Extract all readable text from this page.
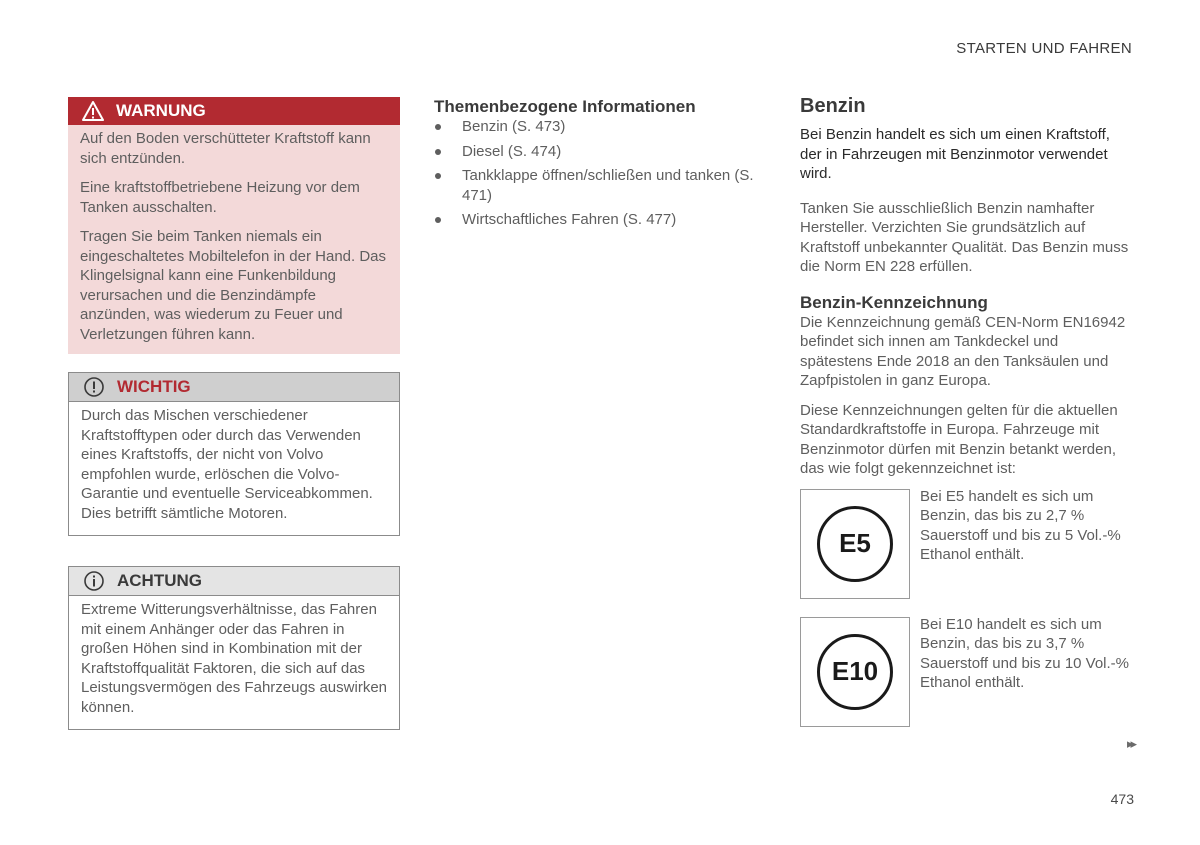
STARTEN UND FAHREN
WARNUNG

Auf den Boden verschütteter Kraftstoff kann sich entzünden.

Eine kraftstoffbetriebene Heizung vor dem Tanken ausschalten.

Tragen Sie beim Tanken niemals ein eingeschaltetes Mobiltelefon in der Hand. Das Klingelsignal kann eine Funkenbildung verursachen und die Benzindämpfe anzünden, was wiederum zu Feuer und Verletzungen führen kann.

WICHTIG

Durch das Mischen verschiedener Kraftstofftypen oder durch das Verwenden eines Kraftstoffs, der nicht von Volvo empfohlen wurde, erlöschen die Volvo-Garantie und eventuelle Serviceabkommen. Dies betrifft sämtliche Motoren.

ACHTUNG

Extreme Witterungsverhältnisse, das Fahren mit einem Anhänger oder das Fahren in großen Höhen sind in Kombination mit der Kraftstoffqualität Faktoren, die sich auf das Leistungsvermögen des Fahrzeugs auswirken können.

Themenbezogene Informationen
Benzin (S. 473)
Diesel (S. 474)
Tankklappe öffnen/schließen und tanken (S. 471)
Wirtschaftliches Fahren (S. 477)
Benzin

Bei Benzin handelt es sich um einen Kraftstoff, der in Fahrzeugen mit Benzinmotor verwendet wird.

Tanken Sie ausschließlich Benzin namhafter Hersteller. Verzichten Sie grundsätzlich auf Kraftstoff unbekannter Qualität. Das Benzin muss die Norm EN 228 erfüllen.

Benzin-Kennzeichnung

Die Kennzeichnung gemäß CEN-Norm EN16942 befindet sich innen am Tankdeckel und spätestens Ende 2018 an den Tanksäulen und Zapfpistolen in ganz Europa.

Diese Kennzeichnungen gelten für die aktuellen Standardkraftstoffe in Europa. Fahrzeuge mit Benzinmotor dürfen mit Benzin betankt werden, das wie folgt gekennzeichnet ist:

E5
Bei E5 handelt es sich um Benzin, das bis zu 2,7 % Sauerstoff und bis zu 5 Vol.-% Ethanol enthält.
E10
Bei E10 handelt es sich um Benzin, das bis zu 3,7 % Sauerstoff und bis zu 10 Vol.-% Ethanol enthält.
▸▸
473
